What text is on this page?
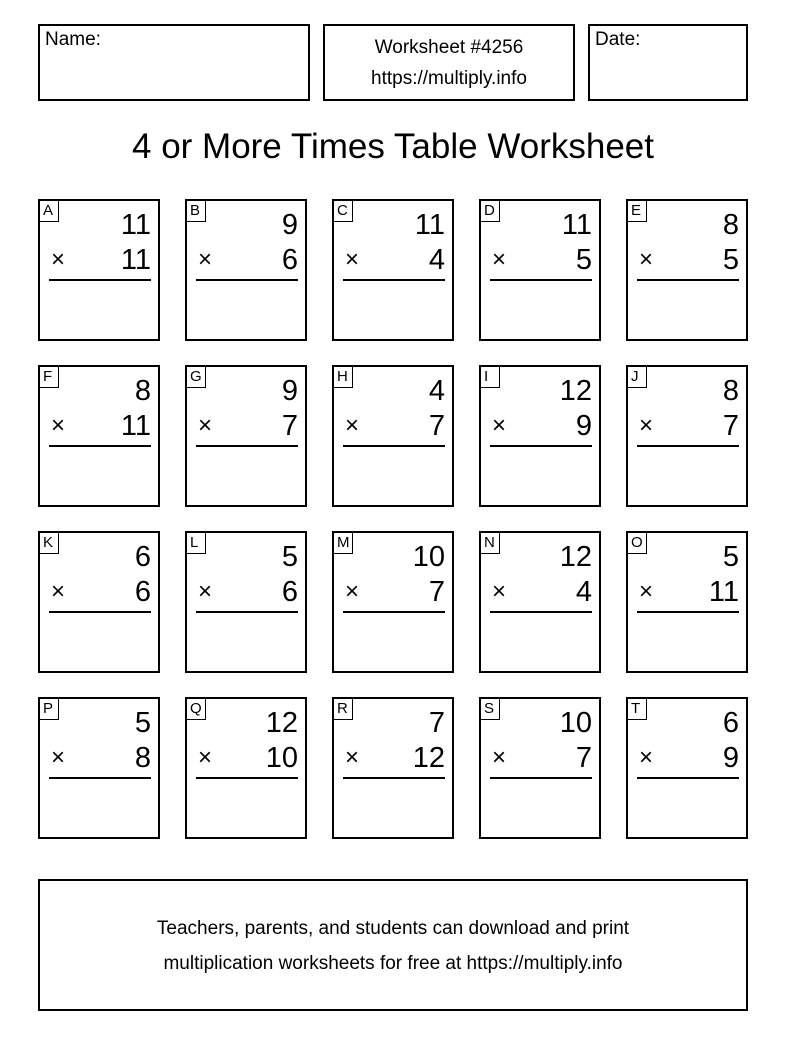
Name:	Worksheet #4256
https://multiply.info
Date:
4 or More Times Table Worksheet
A 11
× 11
B	9
× 6
C 11
× 4
D 11
× 5
E	8
× 5
F	8
× 11
G	9
× 7
H	4
× 7
I	12
× 9
J	8
× 7
K	6
× 6
L	5
× 6
M 10
× 7
N 12
× 4
O	5
× 11
P	5
× 8
Q 12
× 10
R	7
× 12
S 10
× 7
T	6
× 9
Teachers, parents, and students can download and print
multiplication worksheets for free at https://multiply.info
